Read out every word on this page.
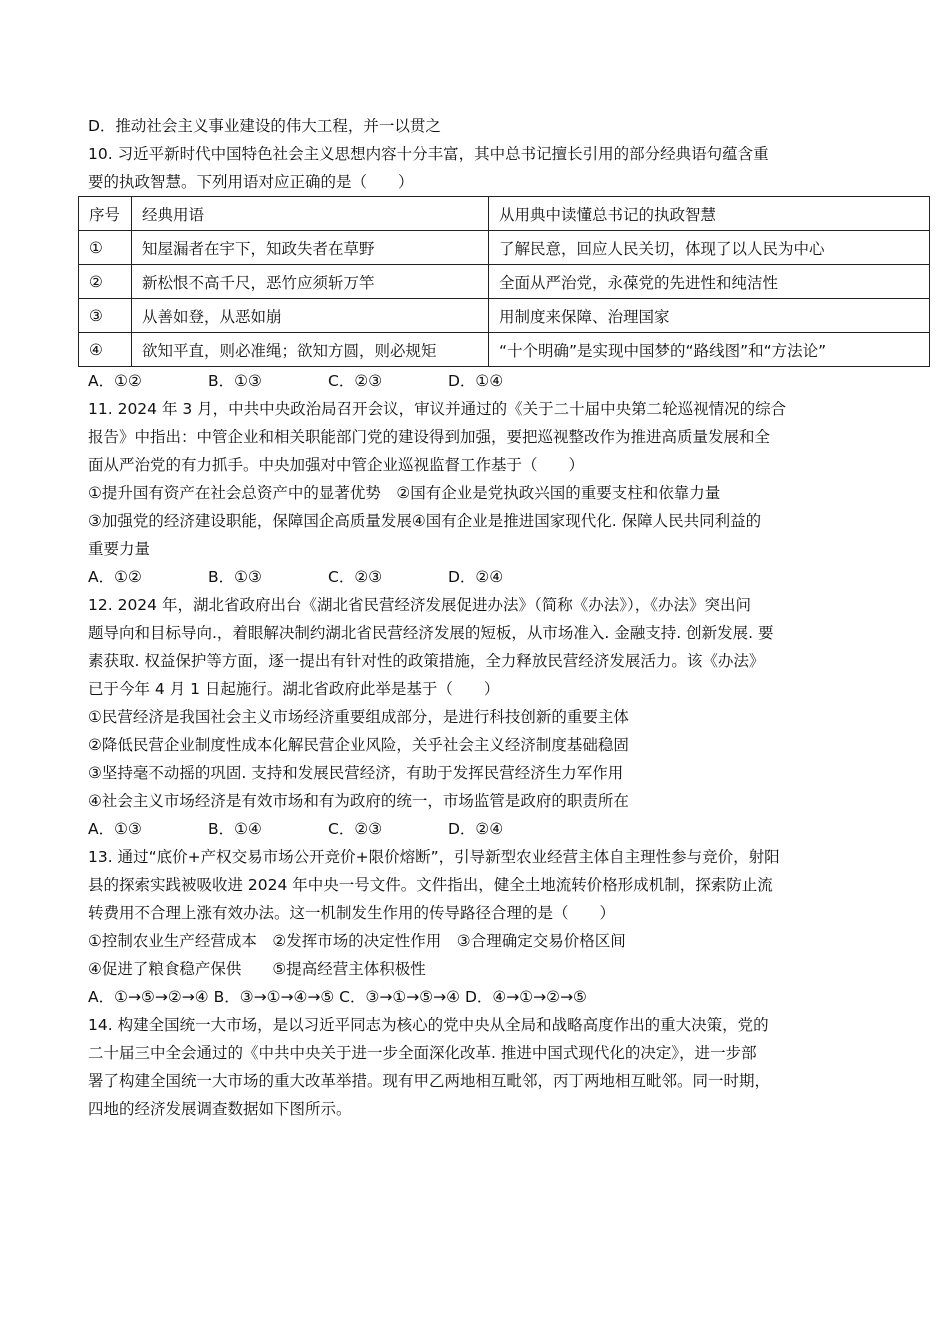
D．推动社会主义事业建设的伟大工程，并一以贯之
10. 习近平新时代中国特色社会主义思想内容十分丰富，其中总书记擅长引用的部分经典语句蕴含重
要的执政智慧。下列用语对应正确的是（　　）
序号	经典用语	从用典中读懂总书记的执政智慧
①	知屋漏者在宇下，知政失者在草野	了解民意，回应人民关切，体现了以人民为中心
②	新松恨不高千尺，恶竹应须斩万竿	全面从严治党，永葆党的先进性和纯洁性
③	从善如登，从恶如崩	用制度来保障、治理国家
④	欲知平直，则必准绳；欲知方圆，则必规矩	“十个明确”是实现中国梦的“路线图”和“方法论”
A．①②	B．①③	C．②③	D．①④
11. 2024 年 3 月，中共中央政治局召开会议，审议并通过的《关于二十届中央第二轮巡视情况的综合
报告》中指出：中管企业和相关职能部门党的建设得到加强，要把巡视整改作为推进高质量发展和全
面从严治党的有力抓手。中央加强对中管企业巡视监督工作基于（　　）
①提升国有资产在社会总资产中的显著优势　②国有企业是党执政兴国的重要支柱和依靠力量
③加强党的经济建设职能，保障国企高质量发展④国有企业是推进国家现代化. 保障人民共同利益的
重要力量
A．①②	B．①③	C．②③	D．②④
12. 2024 年，湖北省政府出台《湖北省民营经济发展促进办法》（简称《办法》），《办法》突出问
题导向和目标导向.，着眼解决制约湖北省民营经济发展的短板，从市场准入. 金融支持. 创新发展. 要
素获取. 权益保护等方面，逐一提出有针对性的政策措施，全力释放民营经济发展活力。该《办法》
已于今年 4 月 1 日起施行。湖北省政府此举是基于（　　）
①民营经济是我国社会主义市场经济重要组成部分，是进行科技创新的重要主体
②降低民营企业制度性成本化解民营企业风险，关乎社会主义经济制度基础稳固
③坚持毫不动摇的巩固. 支持和发展民营经济，有助于发挥民营经济生力军作用
④社会主义市场经济是有效市场和有为政府的统一，市场监管是政府的职责所在
A．①③	B．①④	C．②③	D．②④
13. 通过“底价+产权交易市场公开竞价+限价熔断”，引导新型农业经营主体自主理性参与竞价，射阳
县的探索实践被吸收进 2024 年中央一号文件。文件指出，健全土地流转价格形成机制，探索防止流
转费用不合理上涨有效办法。这一机制发生作用的传导路径合理的是（　　）
①控制农业生产经营成本　②发挥市场的决定性作用　③合理确定交易价格区间
④促进了粮食稳产保供　　⑤提高经营主体积极性
A．①→⑤→②→④ B．③→①→④→⑤ C．③→①→⑤→④ D．④→①→②→⑤
14. 构建全国统一大市场，是以习近平同志为核心的党中央从全局和战略高度作出的重大决策，党的
二十届三中全会通过的《中共中央关于进一步全面深化改革. 推进中国式现代化的决定》，进一步部
署了构建全国统一大市场的重大改革举措。现有甲乙两地相互毗邻，丙丁两地相互毗邻。同一时期，
四地的经济发展调查数据如下图所示。
